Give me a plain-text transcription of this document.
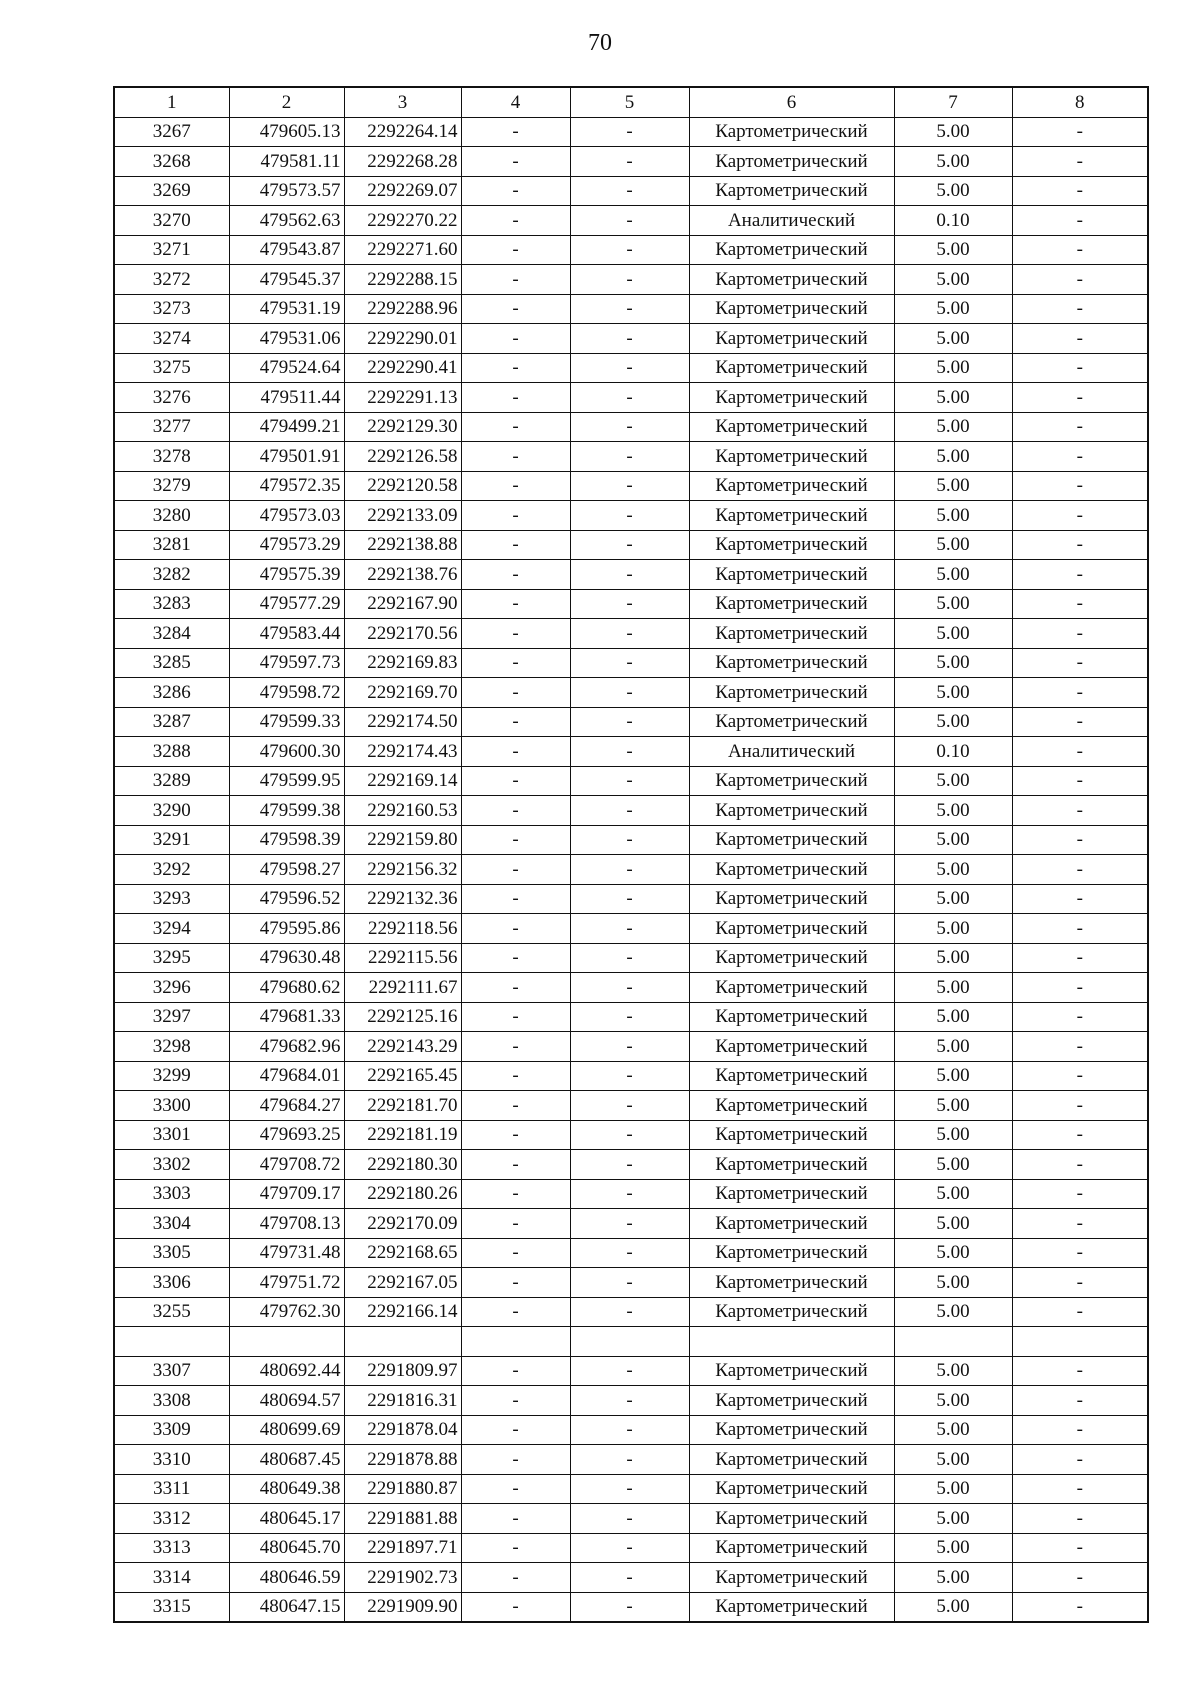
70
1	2	3	4	5	6	7	8
3267	479605.13	2292264.14	-	-	Картометрический	5.00	-
3268	479581.11	2292268.28	-	-	Картометрический	5.00	-
3269	479573.57	2292269.07	-	-	Картометрический	5.00	-
3270	479562.63	2292270.22	-	-	Аналитический	0.10	-
3271	479543.87	2292271.60	-	-	Картометрический	5.00	-
3272	479545.37	2292288.15	-	-	Картометрический	5.00	-
3273	479531.19	2292288.96	-	-	Картометрический	5.00	-
3274	479531.06	2292290.01	-	-	Картометрический	5.00	-
3275	479524.64	2292290.41	-	-	Картометрический	5.00	-
3276	479511.44	2292291.13	-	-	Картометрический	5.00	-
3277	479499.21	2292129.30	-	-	Картометрический	5.00	-
3278	479501.91	2292126.58	-	-	Картометрический	5.00	-
3279	479572.35	2292120.58	-	-	Картометрический	5.00	-
3280	479573.03	2292133.09	-	-	Картометрический	5.00	-
3281	479573.29	2292138.88	-	-	Картометрический	5.00	-
3282	479575.39	2292138.76	-	-	Картометрический	5.00	-
3283	479577.29	2292167.90	-	-	Картометрический	5.00	-
3284	479583.44	2292170.56	-	-	Картометрический	5.00	-
3285	479597.73	2292169.83	-	-	Картометрический	5.00	-
3286	479598.72	2292169.70	-	-	Картометрический	5.00	-
3287	479599.33	2292174.50	-	-	Картометрический	5.00	-
3288	479600.30	2292174.43	-	-	Аналитический	0.10	-
3289	479599.95	2292169.14	-	-	Картометрический	5.00	-
3290	479599.38	2292160.53	-	-	Картометрический	5.00	-
3291	479598.39	2292159.80	-	-	Картометрический	5.00	-
3292	479598.27	2292156.32	-	-	Картометрический	5.00	-
3293	479596.52	2292132.36	-	-	Картометрический	5.00	-
3294	479595.86	2292118.56	-	-	Картометрический	5.00	-
3295	479630.48	2292115.56	-	-	Картометрический	5.00	-
3296	479680.62	2292111.67	-	-	Картометрический	5.00	-
3297	479681.33	2292125.16	-	-	Картометрический	5.00	-
3298	479682.96	2292143.29	-	-	Картометрический	5.00	-
3299	479684.01	2292165.45	-	-	Картометрический	5.00	-
3300	479684.27	2292181.70	-	-	Картометрический	5.00	-
3301	479693.25	2292181.19	-	-	Картометрический	5.00	-
3302	479708.72	2292180.30	-	-	Картометрический	5.00	-
3303	479709.17	2292180.26	-	-	Картометрический	5.00	-
3304	479708.13	2292170.09	-	-	Картометрический	5.00	-
3305	479731.48	2292168.65	-	-	Картометрический	5.00	-
3306	479751.72	2292167.05	-	-	Картометрический	5.00	-
3255	479762.30	2292166.14	-	-	Картометрический	5.00	-

3307	480692.44	2291809.97	-	-	Картометрический	5.00	-
3308	480694.57	2291816.31	-	-	Картометрический	5.00	-
3309	480699.69	2291878.04	-	-	Картометрический	5.00	-
3310	480687.45	2291878.88	-	-	Картометрический	5.00	-
3311	480649.38	2291880.87	-	-	Картометрический	5.00	-
3312	480645.17	2291881.88	-	-	Картометрический	5.00	-
3313	480645.70	2291897.71	-	-	Картометрический	5.00	-
3314	480646.59	2291902.73	-	-	Картометрический	5.00	-
3315	480647.15	2291909.90	-	-	Картометрический	5.00	-
